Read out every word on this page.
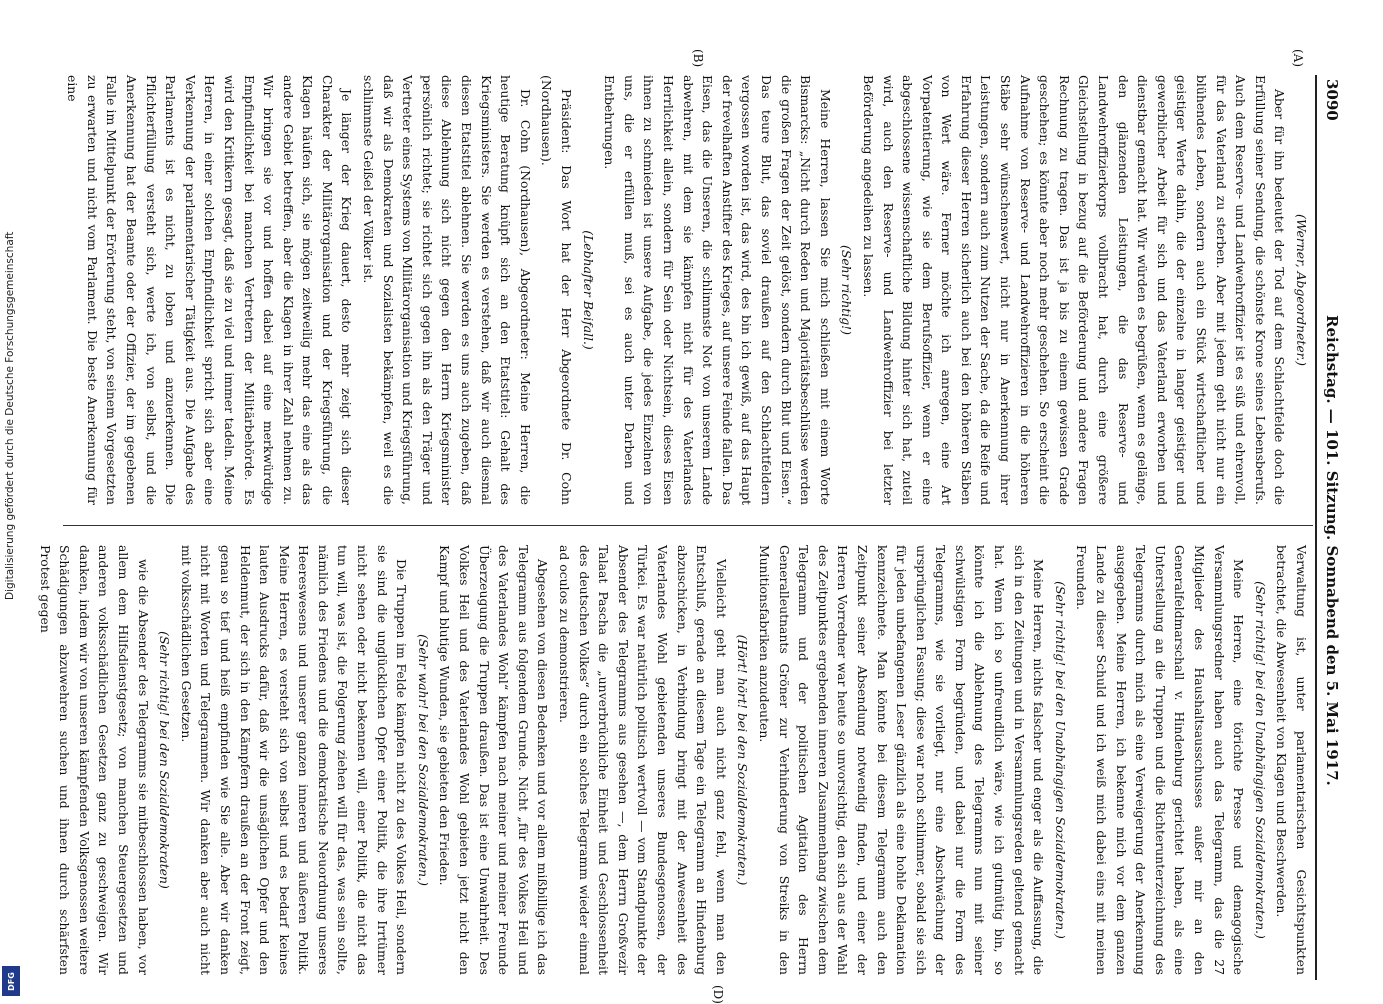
3090
Reichstag. — 101. Sitzung. Sonnabend den 5. Mai 1917.

(Werner, Abgeordneter.)

Aber für ihn bedeutet der Tod auf dem Schlachtfelde doch die Erfüllung seiner Sendung, die schönste Krone seines Lebensberufs. Auch dem Reserve- und Landwehroffizier ist es süß und ehrenvoll, für das Vaterland zu sterben. Aber mit jedem geht nicht nur ein blühendes Leben, sondern auch ein Stück wirtschaftlicher und geistiger Werte dahin, die der einzelne in langer geistiger und gewerblicher Arbeit für sich und das Vaterland erworben und dienstbar gemacht hat. Wir würden es begrüßen, wenn es gelänge, den glänzenden Leistungen, die das Reserve- und Landwehroffizierkorps vollbracht hat, durch eine größere Gleichstellung in bezug auf die Beförderung und andere Fragen Rechnung zu tragen. Das ist ja bis zu einem gewissen Grade geschehen; es könnte aber noch mehr geschehen. So erscheint die Aufnahme von Reserve- und Landwehroffizieren in die höheren Stäbe sehr wünschenswert, nicht nur in Anerkennung ihrer Leistungen, sondern auch zum Nutzen der Sache, da die Reife und Erfahrung dieser Herren sicherlich auch bei den höheren Stäben von Wert wäre. Ferner möchte ich anregen, eine Art Vorpatentierung, wie sie dem Berufsoffizier, wenn er eine abgeschlossene wissenschaftliche Bildung hinter sich hat, zuteil wird, auch den Reserve- und Landwehroffizier bei letzter Beförderung angedeihen zu lassen.

(Sehr richtig!)

Meine Herren, lassen Sie mich schließen mit einem Worte Bismarcks: „Nicht durch Reden und Majoritätsbeschlüsse werden die großen Fragen der Zeit gelöst, sondern durch Blut und Eisen.“ Das teure Blut, das soviel draußen auf den Schlachtfeldern vergossen worden ist, das wird, des bin ich gewiß, auf das Haupt der frevelhaften Anstifter des Krieges, auf unsere Feinde fallen. Das Eisen, das die Unseren, die schlimmste Not von unserem Lande abwehren, mit dem sie kämpfen nicht für des Vaterlandes Herrlichkeit allein, sondern für Sein oder Nichtsein, dieses Eisen ihnen zu schmieden ist unsere Aufgabe, die jedes Einzelnen von uns, die er erfüllen muß, sei es auch unter Darben und Entbehrungen.

(Lebhafter Beifall.)

Präsident: Das Wort hat der Herr Abgeordnete Dr. Cohn (Nordhausen).

Dr. Cohn (Nordhausen), Abgeordneter: Meine Herren, die heutige Beratung knüpft sich an den Etatstitel: Gehalt des Kriegsministers. Sie werden es verstehen, daß wir auch diesmal diesen Etatstitel ablehnen. Sie werden es uns auch zugeben, daß diese Ablehnung sich nicht gegen den Herrn Kriegsminister persönlich richtet; sie richtet sich gegen ihn als den Träger und Vertreter eines Systems von Militärorganisation und Kriegsführung, daß wir als Demokraten und Sozialisten bekämpfen, weil es die schlimmste Geißel der Völker ist.

Je länger der Krieg dauert, desto mehr zeigt sich dieser Charakter der Militärorganisation und der Kriegsführung, die Klagen häufen sich, sie mögen zeitweilig mehr das eine als das andere Gebiet betreffen, aber die Klagen in ihrer Zahl nehmen zu. Wir bringen sie vor und hoffen dabei auf eine merkwürdige Empfindlichkeit bei manchen Vertretern der Militärbehörde. Es wird den Kritikern gesagt, daß sie zu viel und immer tadeln. Meine Herren, in einer solchen Empfindlichkeit spricht sich aber eine Verkennung der parlamentarischer Tätigkeit aus. Die Aufgabe des Parlaments ist es nicht, zu loben und anzuerkennen. Die Pflichterfüllung versteht sich, werte ich, von selbst, und die Anerkennung hat der Beamte oder der Offizier, der im gegebenen Falle im Mittelpunkt der Erörterung steht, von seinem Vorgesetzten zu erwarten und nicht vom Parlament. Die beste Anerkennung für eine

Verwaltung ist, unter parlamentarischen Gesichtspunkten betrachtet, die Abwesenheit von Klagen und Beschwerden.

(Sehr richtig! bei den Unabhängigen Sozialdemokraten.)

Meine Herren, eine törichte Presse und demagogische Versammlungsredner haben auch das Telegramm, das die 27 Mitglieder des Haushaltsausschusses außer mir an den Generalfeldmarschall v. Hindenburg gerichtet haben, als eine Unterstellung an die Truppen und die Richterunterzeichnung des Telegramms durch mich als eine Verweigerung der Anerkennung ausgegeben. Meine Herren, ich bekenne mich vor dem ganzen Lande zu dieser Schuld und ich weiß mich dabei eins mit meinen Freunden.

(Sehr richtig! bei den Unabhängigen Sozialdemokraten.)

Meine Herren, nichts falscher und enger als die Auffassung, die sich in den Zeitungen und in Versammlungsreden geltend gemacht hat. Wenn ich so unfreundlich wäre, wie ich gutmütig bin, so könnte ich die Ablehnung des Telegramms nun mit seiner schwülstigen Form begründen, und dabei nur die Form des Telegramms, wie sie vorliegt, nur eine Abschwächung der ursprünglichen Fassung; diese war noch schlimmer, sobald sie sich für jeden unbefangenen Leser gänzlich als eine hohle Deklamation kennzeichnete. Man könnte bei diesem Telegramm auch den Zeitpunkt seiner Absendung notwendig finden, und einer der Herren Vorredner war heute so unvorsichtig, den sich aus der Wahl des Zeitpunktes ergebenden inneren Zusammenhang zwischen dem Telegramm und der politischen Agitation des Herrn Generalleutnants Gröner zur Verhinderung von Streiks in den Munitionsfabriken anzudeuten.

(Hört! hört! bei den Sozialdemokraten.)

Vielleicht geht man auch nicht ganz fehl, wenn man den Entschluß, gerade an diesem Tage ein Telegramm an Hindenburg abzuschicken, in Verbindung bringt mit der Anwesenheit des Vaterlandes Wohl gebietenden unseres Bundesgenossen, der Türkei. Es war natürlich politisch wertvoll — vom Standpunkte der Absender des Telegramms aus gesehen —, dem Herrn Großvezir Talaat Pascha die „unverbrüchliche Einheit und Geschlossenheit des deutschen Volkes“ durch ein solches Telegramm wieder einmal ad oculos zu demonstrieren.

Abgesehen von diesen Bedenken und vor allem mißbillige ich das Telegramm aus folgendem Grunde. Nicht „für des Volkes Heil und des Vaterlandes Wohl“ kämpfen nach meiner und meiner Freunde Überzeugung die Truppen draußen. Das ist eine Unwahrheit. Des Volkes Heil und des Vaterlandes Wohl gebieten jetzt nicht den Kampf und blutige Wunden, sie gebieten den Frieden.

(Sehr wahr! bei den Sozialdemokraten.)

Die Truppen im Felde kämpfen nicht zu des Volkes Heil, sondern sie sind die unglücklichen Opfer einer Politik, die ihre Irrtümer nicht sehen oder nicht bekennen will, einer Politik, die nicht das tun will, was ist, die Folgerung ziehen will für das, was sein sollte, nämlich des Friedens und die demokratische Neuordnung unseres Heereswesens und unserer ganzen inneren und äußeren Politik. Meine Herren, es versteht sich von selbst und es bedarf keines lauten Ausdrucks dafür, daß wir die unsäglichen Opfer und den Heldenmut, der sich in den Kämpfern draußen an der Front zeigt, genau so tief und heiß empfinden wie Sie alle. Aber wir danken nicht mit Worten und Telegrammen. Wir danken aber auch nicht mit volksschädlichen Gesetzen.

(Sehr richtig! bei den Sozialdemokraten)

wie die Absender des Telegramms sie mitbeschlossen haben, vor allem dem Hilfsdienstgesetz; von manchen Steuergesetzen und anderen volksschädlichen Gesetzen ganz zu geschweigen. Wir danken, indem wir von unseren kämpfenden Volksgenossen weitere Schädigungen abzuwehren suchen und ihnen durch schärfsten Protest gegen

(A)
(B)
(D)
Digitalisierung gefördert durch die Deutsche Forschungsgemeinschaft
DFG
